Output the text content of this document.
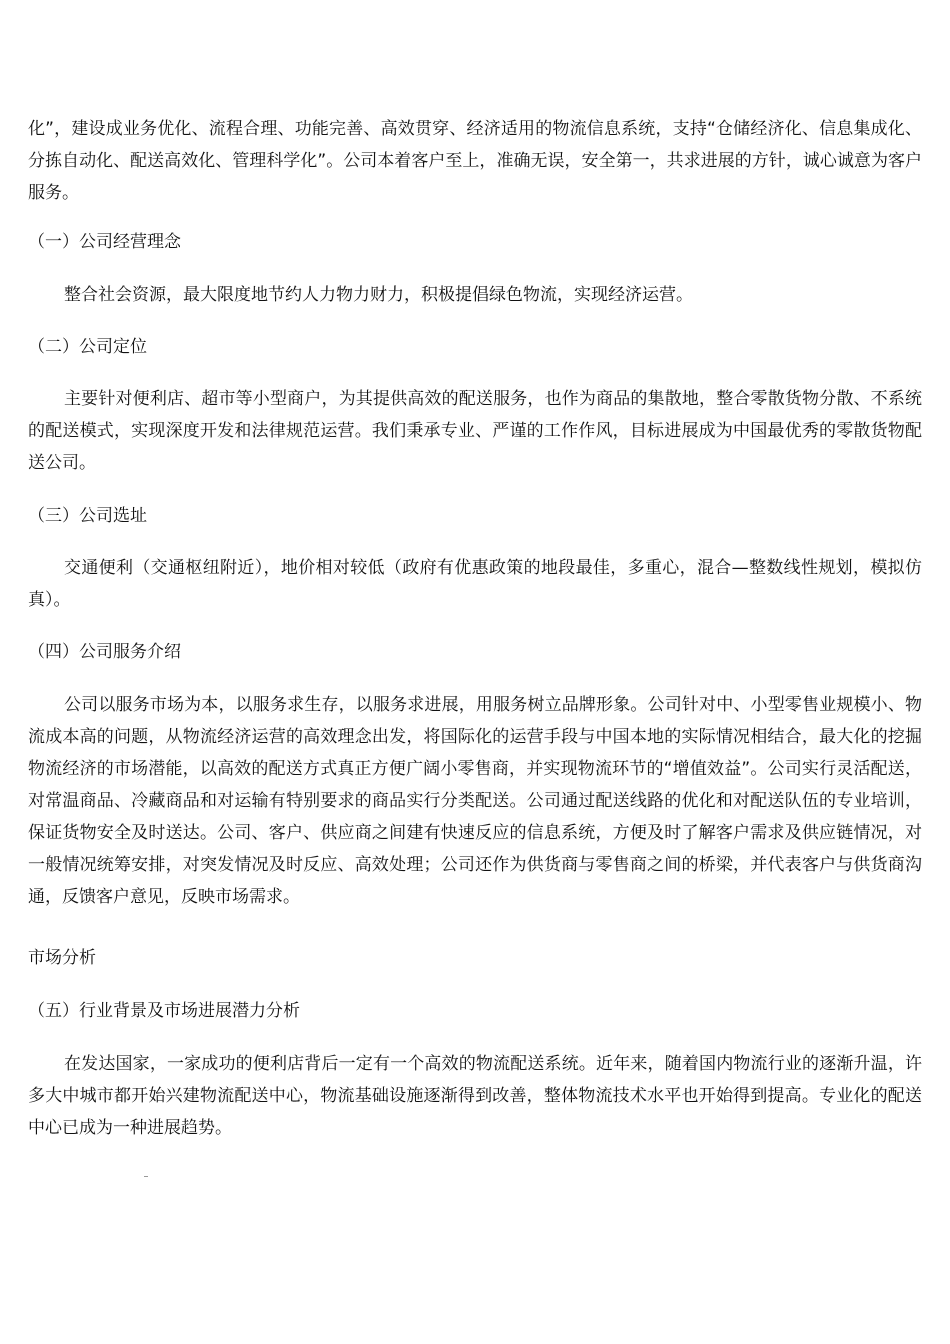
化”，建设成业务优化、流程合理、功能完善、高效贯穿、经济适用的物流信息系统，支持“仓储经济化、信息集成化、分拣自动化、配送高效化、管理科学化”。公司本着客户至上，准确无误，安全第一，共求进展的方针，诚心诚意为客户服务。

（一）公司经营理念

整合社会资源，最大限度地节约人力物力财力，积极提倡绿色物流，实现经济运营。

（二）公司定位

主要针对便利店、超市等小型商户，为其提供高效的配送服务，也作为商品的集散地，整合零散货物分散、不系统的配送模式，实现深度开发和法律规范运营。我们秉承专业、严谨的工作作风，目标进展成为中国最优秀的零散货物配送公司。

（三）公司选址

交通便利（交通枢纽附近），地价相对较低（政府有优惠政策的地段最佳，多重心，混合—整数线性规划，模拟仿真）。

（四）公司服务介绍

公司以服务市场为本，以服务求生存，以服务求进展，用服务树立品牌形象。公司针对中、小型零售业规模小、物流成本高的问题，从物流经济运营的高效理念出发，将国际化的运营手段与中国本地的实际情况相结合，最大化的挖掘物流经济的市场潜能，以高效的配送方式真正方便广阔小零售商，并实现物流环节的“增值效益”。公司实行灵活配送，对常温商品、冷藏商品和对运输有特别要求的商品实行分类配送。公司通过配送线路的优化和对配送队伍的专业培训，保证货物安全及时送达。公司、客户、供应商之间建有快速反应的信息系统，方便及时了解客户需求及供应链情况，对一般情况统筹安排，对突发情况及时反应、高效处理；公司还作为供货商与零售商之间的桥梁，并代表客户与供货商沟通，反馈客户意见，反映市场需求。

市场分析

（五）行业背景及市场进展潜力分析

在发达国家，一家成功的便利店背后一定有一个高效的物流配送系统。近年来，随着国内物流行业的逐渐升温，许多大中城市都开始兴建物流配送中心，物流基础设施逐渐得到改善，整体物流技术水平也开始得到提高。专业化的配送中心已成为一种进展趋势。
